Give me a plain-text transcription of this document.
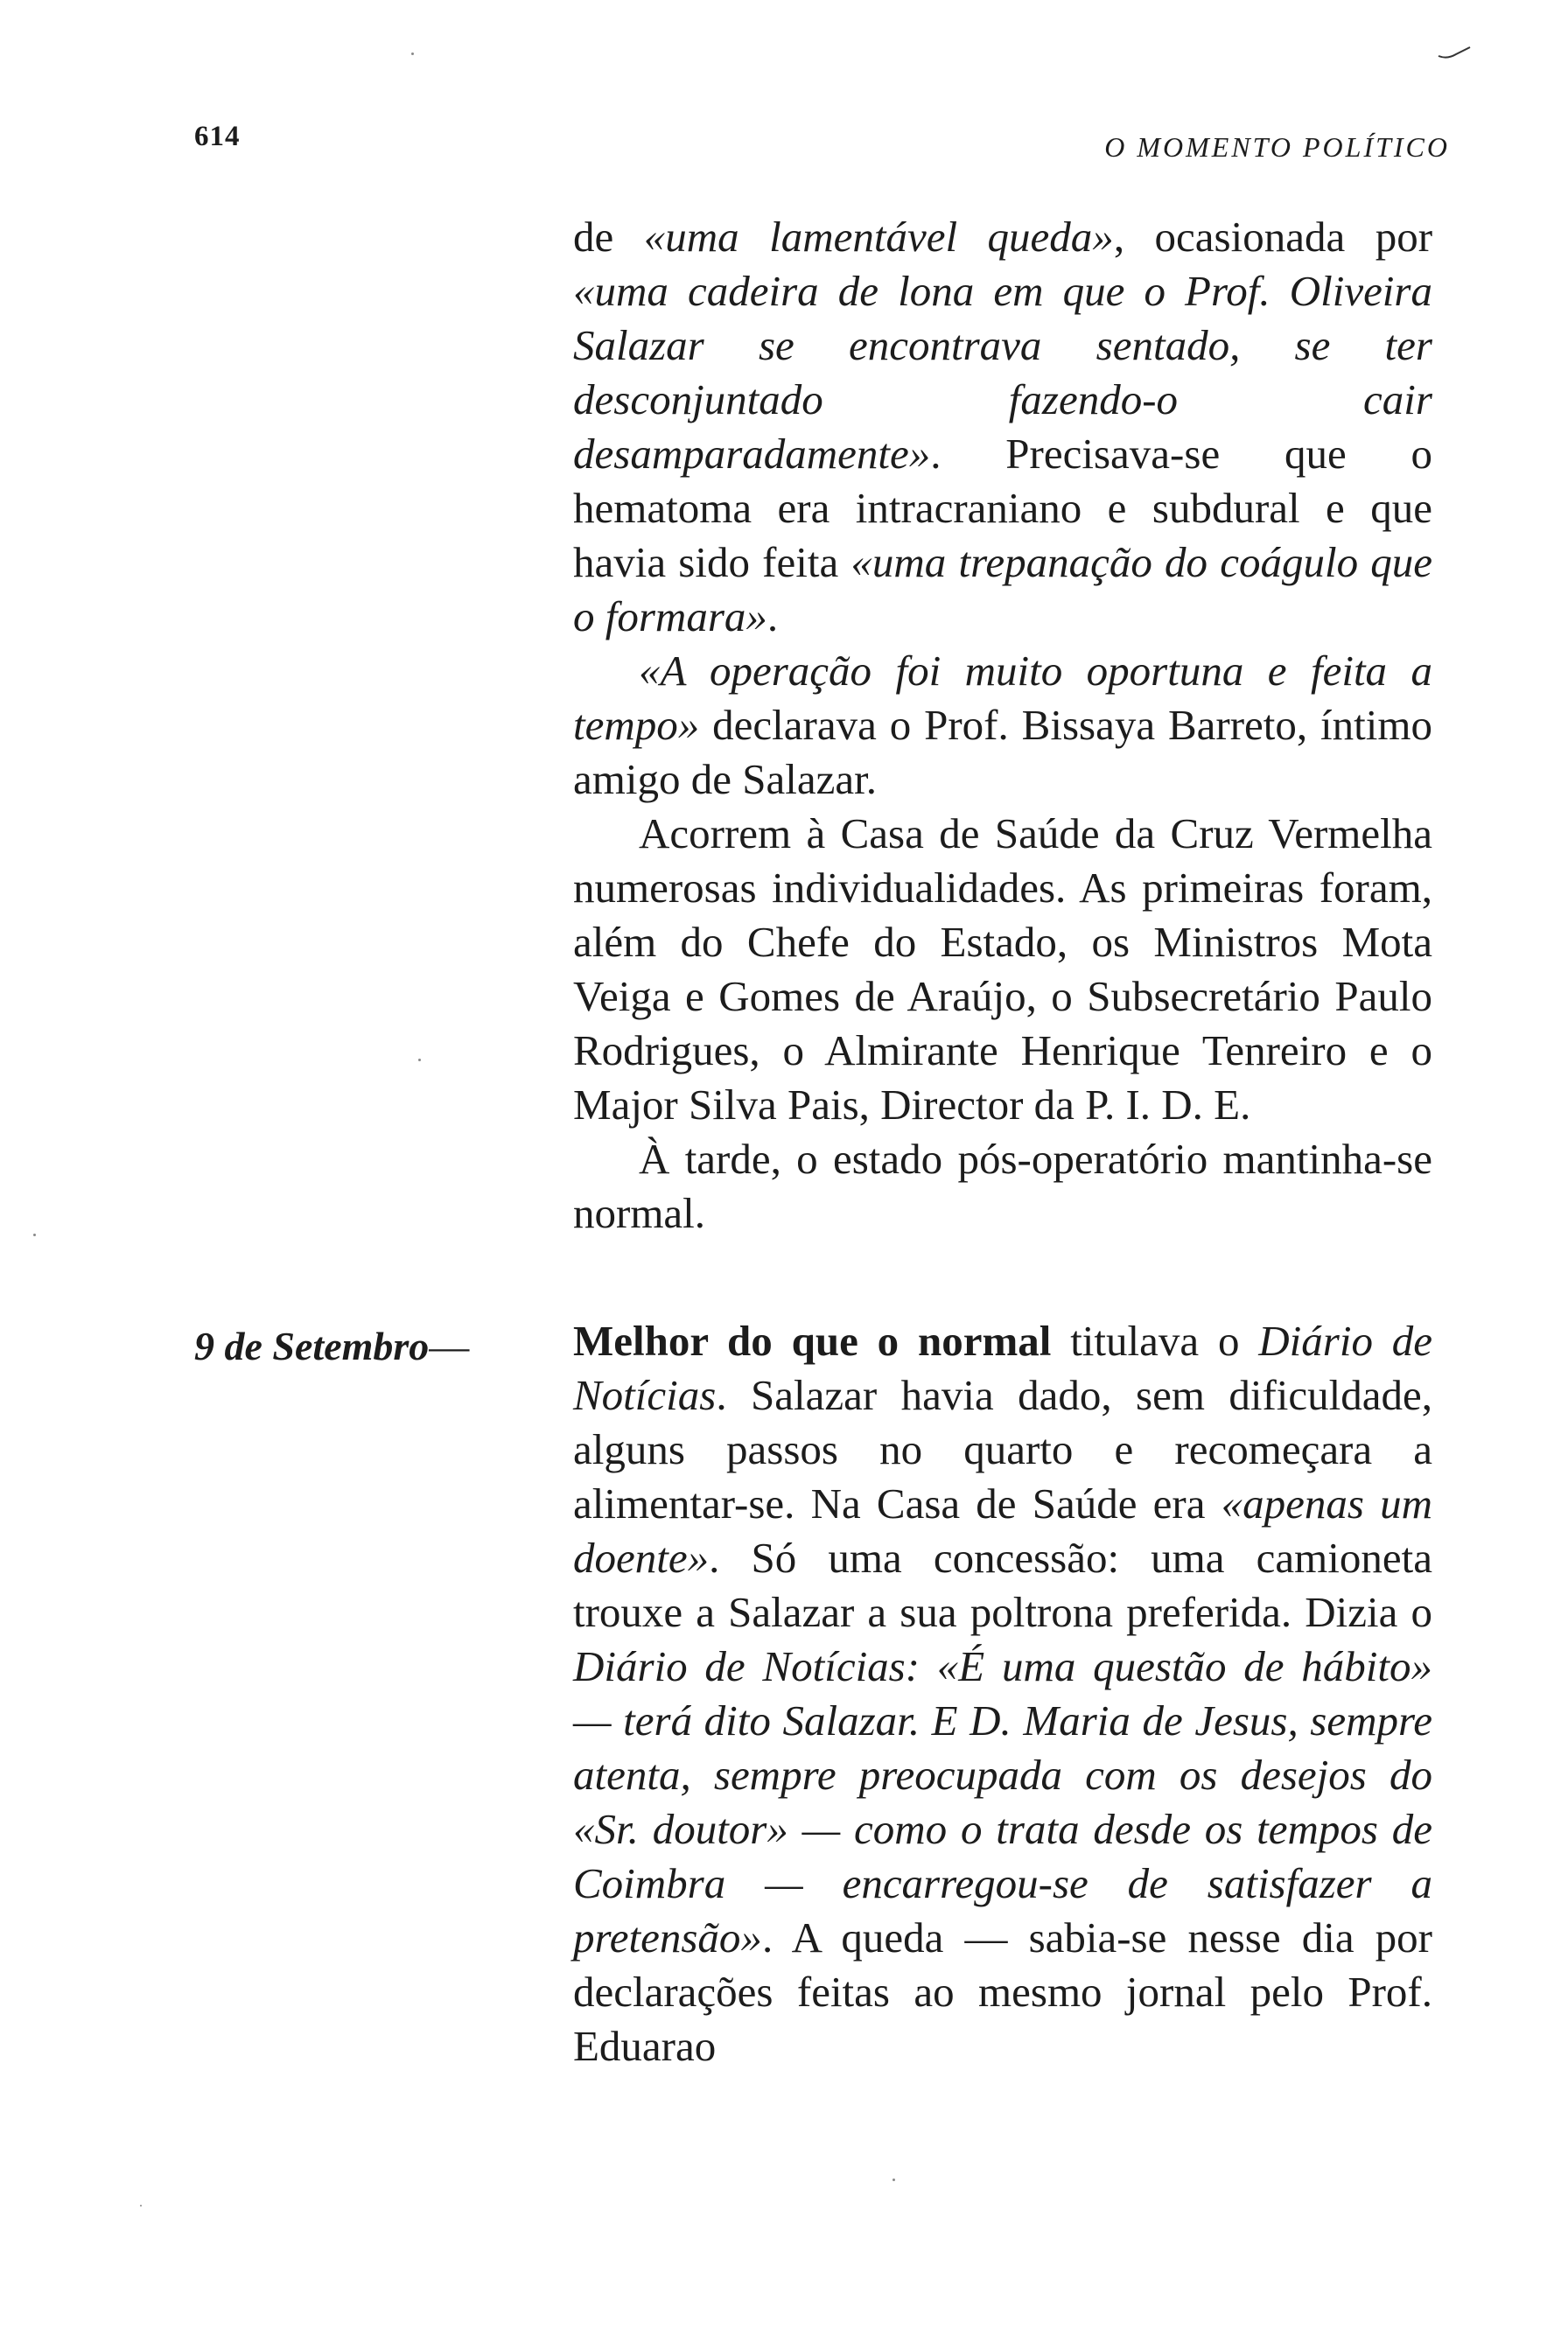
614	O MOMENTO POLÍTICO

de «uma lamentável queda», ocasionada por «uma cadeira de lona em que o Prof. Oliveira Salazar se encontrava sentado, se ter desconjuntado fazendo-o cair desamparadamente». Precisava-se que o hematoma era intracraniano e subdural e que havia sido feita «uma trepanação do coágulo que o formara».

«A operação foi muito oportuna e feita a tempo» declarava o Prof. Bissaya Barreto, íntimo amigo de Salazar.

Acorrem à Casa de Saúde da Cruz Vermelha numerosas individualidades. As primeiras foram, além do Chefe do Estado, os Ministros Mota Veiga e Gomes de Araújo, o Subsecretário Paulo Rodrigues, o Almirante Henrique Tenreiro e o Major Silva Pais, Director da P. I. D. E.

À tarde, o estado pós-operatório mantinha-se normal.

9 de Setembro— Melhor do que o normal titulava o Diário de Notícias. Salazar havia dado, sem dificuldade, alguns passos no quarto e recomeçara a alimentar-se. Na Casa de Saúde era «apenas um doente». Só uma concessão: uma camioneta trouxe a Salazar a sua poltrona preferida. Dizia o Diário de Notícias: «É uma questão de hábito» — terá dito Salazar. E D. Maria de Jesus, sempre atenta, sempre preocupada com os desejos do «Sr. doutor» — como o trata desde os tempos de Coimbra — encarregou-se de satisfazer a pretensão». A queda — sabia-se nesse dia por declarações feitas ao mesmo jornal pelo Prof. Eduarao
